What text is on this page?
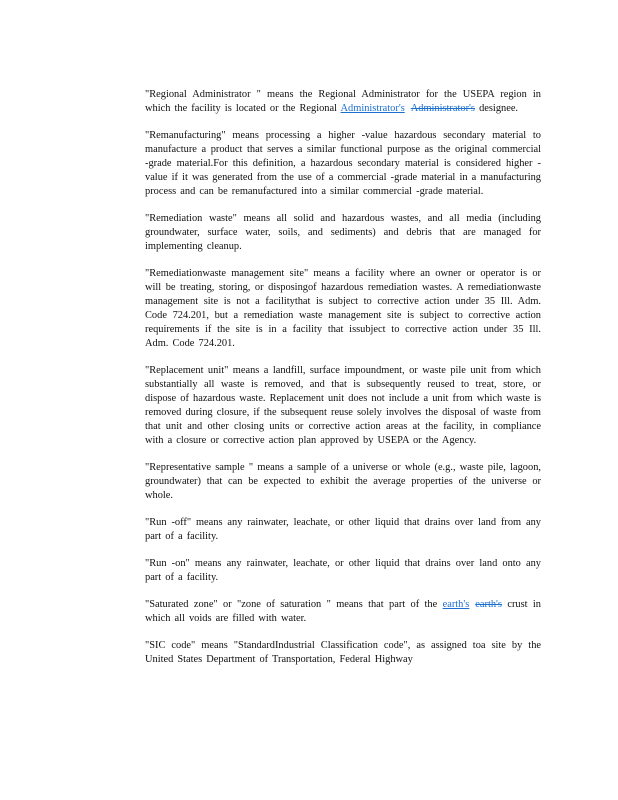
"Regional Administrator " means the Regional Administrator for the USEPA region in which the facility is located or the Regional Administrator's Administrator's designee.

"Remanufacturing" means processing a higher -value hazardous secondary material to manufacture a product that serves a similar functional purpose as the original commercial -grade material.For this definition, a hazardous secondary material is considered higher -value if it was generated from the use of a commercial -grade material in a manufacturing process and can be remanufactured into a similar commercial -grade material.

"Remediation waste" means all solid and hazardous wastes, and all media (including groundwater, surface water, soils, and sediments) and debris that are managed for implementing cleanup.

"Remediationwaste management site" means a facility where an owner or operator is or will be treating, storing, or disposingof hazardous remediation wastes. A remediationwaste management site is not a facilitythat is subject to corrective action under 35 Ill. Adm. Code 724.201, but a remediation waste management site is subject to corrective action requirements if the site is in a facility that issubject to corrective action under 35 Ill. Adm. Code 724.201.

"Replacement unit" means a landfill, surface impoundment, or waste pile unit from which substantially all waste is removed, and that is subsequently reused to treat, store, or dispose of hazardous waste. Replacement unit does not include a unit from which waste is removed during closure, if the subsequent reuse solely involves the disposal of waste from that unit and other closing units or corrective action areas at the facility, in compliance with a closure or corrective action plan approved by USEPA or the Agency.

"Representative sample " means a sample of a universe or whole (e.g., waste pile, lagoon, groundwater) that can be expected to exhibit the average properties of the universe or whole.

"Run -off" means any rainwater, leachate, or other liquid that drains over land from any part of a facility.

"Run -on" means any rainwater, leachate, or other liquid that drains over land onto any part of a facility.

"Saturated zone" or "zone of saturation " means that part of the earth's earth's crust in which all voids are filled with water.

"SIC code" means "StandardIndustrial Classification code", as assigned toa site by the United States Department of Transportation, Federal Highway
